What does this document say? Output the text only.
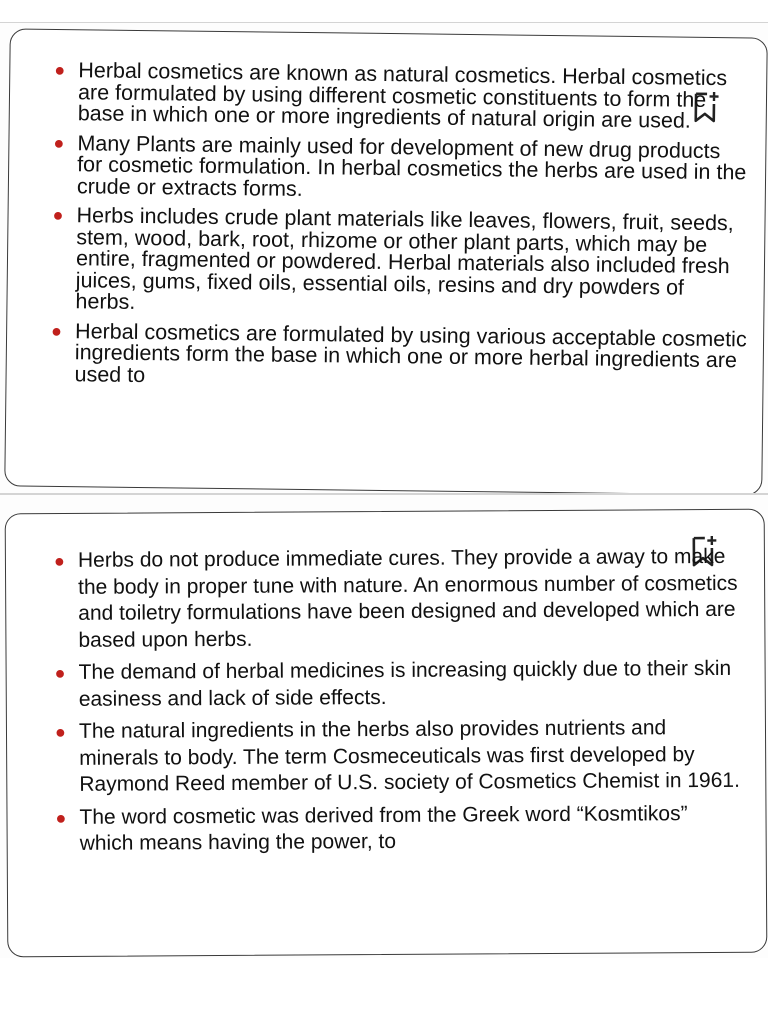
● Herbal cosmetics are known as natural cosmetics. Herbal cosmetics are formulated by using different cosmetic constituents to form the base in which one or more ingredients of natural origin are used.
● Many Plants are mainly used for development of new drug products for cosmetic formulation. In herbal cosmetics the herbs are used in the crude or extracts forms.
● Herbs includes crude plant materials like leaves, flowers, fruit, seeds, stem, wood, bark, root, rhizome or other plant parts, which may be entire, fragmented or powdered. Herbal materials also included fresh juices, gums, fixed oils, essential oils, resins and dry powders of herbs.
● Herbal cosmetics are formulated by using various acceptable cosmetic ingredients form the base in which one or more herbal ingredients are used to
● Herbs do not produce immediate cures. They provide a away to make the body in proper tune with nature. An enormous number of cosmetics and toiletry formulations have been designed and developed which are based upon herbs.
● The demand of herbal medicines is increasing quickly due to their skin easiness and lack of side effects.
● The natural ingredients in the herbs also provides nutrients and minerals to body. The term Cosmeceuticals was first developed by Raymond Reed member of U.S. society of Cosmetics Chemist in 1961.
● The word cosmetic was derived from the Greek word “Kosmtikos” which means having the power, to
